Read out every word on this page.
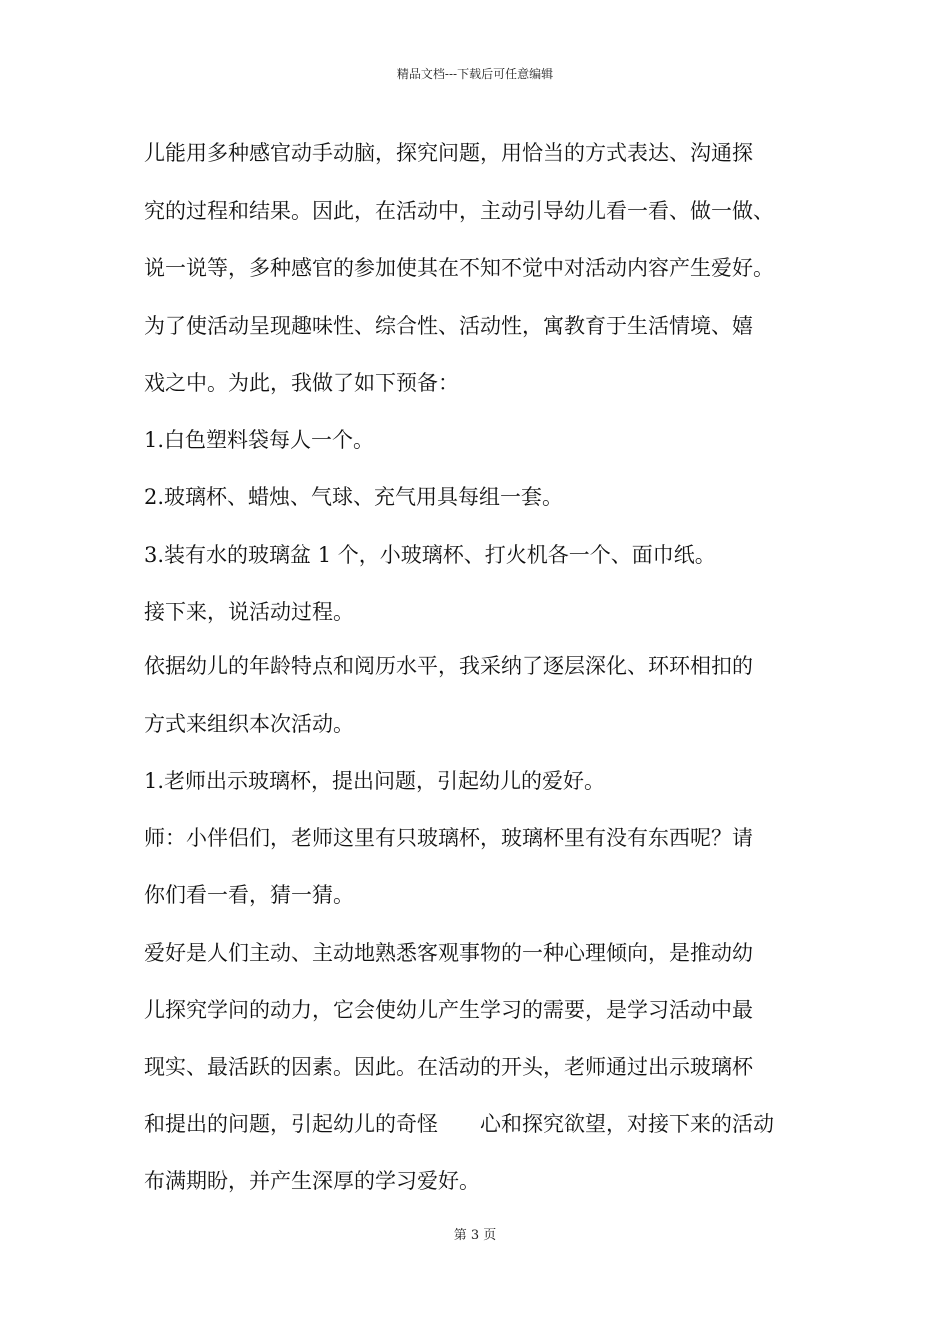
精品文档---下载后可任意编辑
儿能用多种感官动手动脑，探究问题，用恰当的方式表达、沟通探
究的过程和结果。因此，在活动中，主动引导幼儿看一看、做一做、
说一说等，多种感官的参加使其在不知不觉中对活动内容产生爱好。
为了使活动呈现趣味性、综合性、活动性，寓教育于生活情境、嬉
戏之中。为此，我做了如下预备：
1.白色塑料袋每人一个。
2.玻璃杯、蜡烛、气球、充气用具每组一套。
3.装有水的玻璃盆 1 个，小玻璃杯、打火机各一个、面巾纸。
接下来，说活动过程。
依据幼儿的年龄特点和阅历水平，我采纳了逐层深化、环环相扣的
方式来组织本次活动。
1.老师出示玻璃杯，提出问题，引起幼儿的爱好。
师：小伴侣们，老师这里有只玻璃杯，玻璃杯里有没有东西呢？请
你们看一看，猜一猜。
爱好是人们主动、主动地熟悉客观事物的一种心理倾向，是推动幼
儿探究学问的动力，它会使幼儿产生学习的需要，是学习活动中最
现实、最活跃的因素。因此。在活动的开头，老师通过出示玻璃杯
和提出的问题，引起幼儿的奇怪　　心和探究欲望，对接下来的活动
布满期盼，并产生深厚的学习爱好。
第 3 页
